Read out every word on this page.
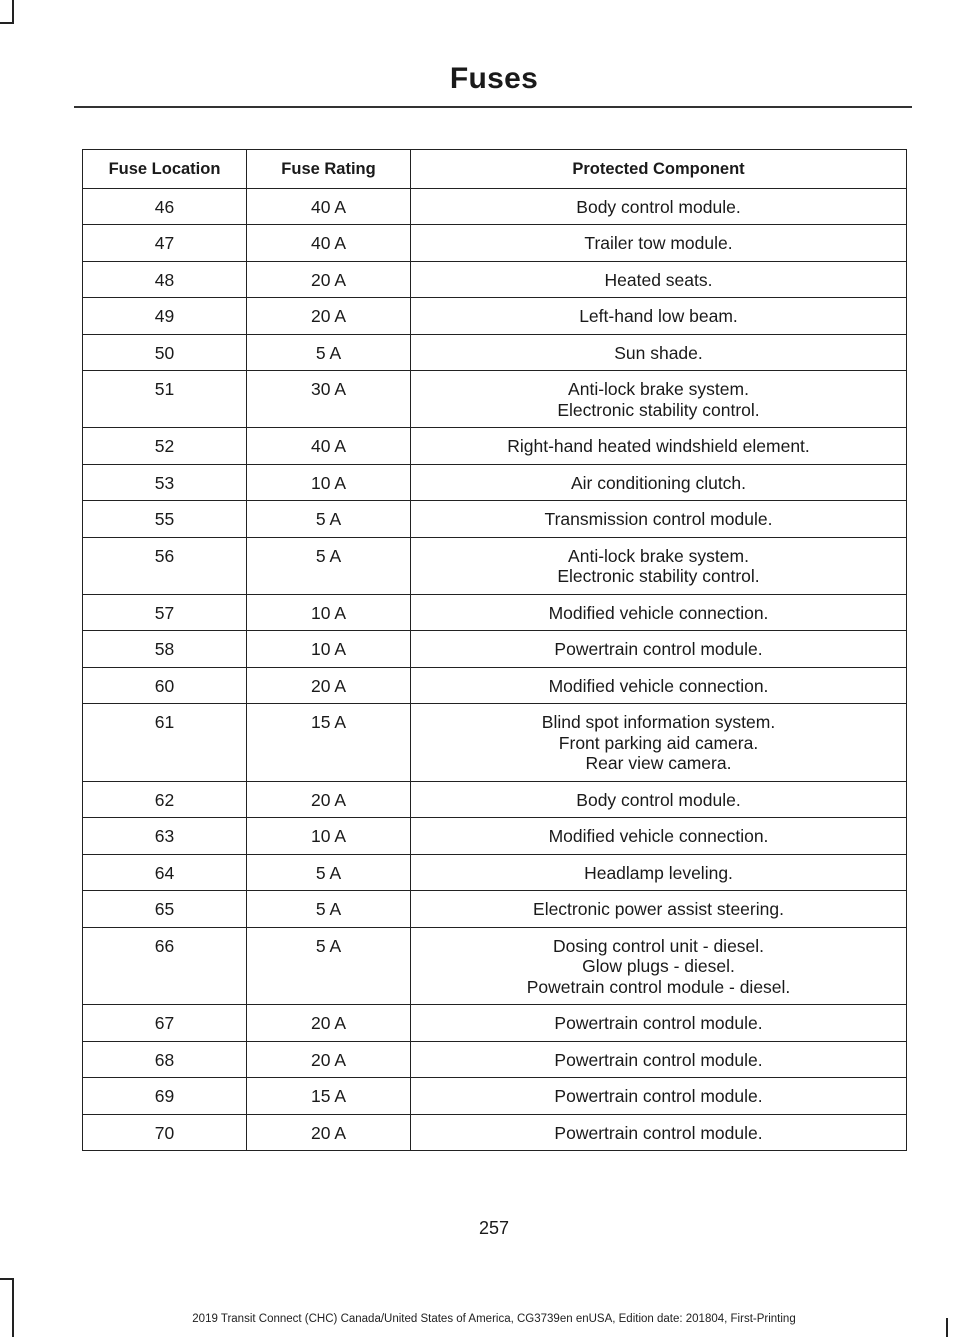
Fuses
Fuse Location	Fuse Rating	Protected Component
46	40 A	Body control module.

47	40 A	Trailer tow module.

48	20 A	Heated seats.

49	20 A	Left-hand low beam.

50	5 A	Sun shade.

51	30 A	Anti-lock brake system.
Electronic stability control.

52	40 A	Right-hand heated windshield element.

53	10 A	Air conditioning clutch.

55	5 A	Transmission control module.

56	5 A	Anti-lock brake system.
Electronic stability control.

57	10 A	Modified vehicle connection.

58	10 A	Powertrain control module.

60	20 A	Modified vehicle connection.

61	15 A	Blind spot information system.
Front parking aid camera.
Rear view camera.

62	20 A	Body control module.

63	10 A	Modified vehicle connection.

64	5 A	Headlamp leveling.

65	5 A	Electronic power assist steering.

66	5 A	Dosing control unit - diesel.
Glow plugs - diesel.
Powetrain control module - diesel.

67	20 A	Powertrain control module.

68	20 A	Powertrain control module.

69	15 A	Powertrain control module.

70	20 A	Powertrain control module.
257
2019 Transit Connect (CHC) Canada/United States of America, CG3739en enUSA, Edition date: 201804, First-Printing
